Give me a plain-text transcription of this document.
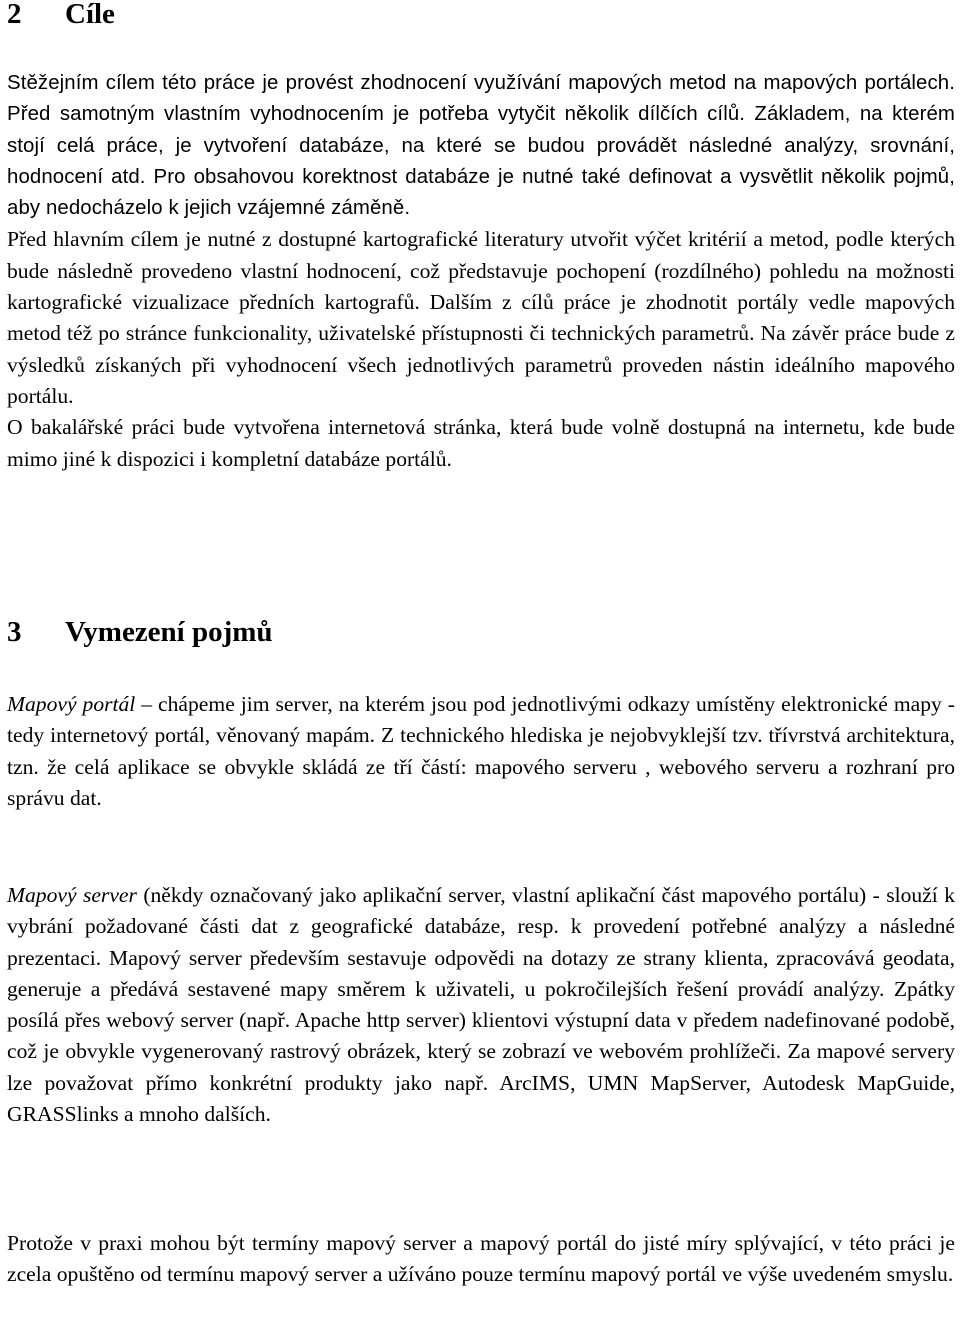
2 Cíle

Stěžejním cílem této práce je provést zhodnocení využívání mapových metod na mapových portálech. Před samotným vlastním vyhodnocením je potřeba vytyčit několik dílčích cílů. Základem, na kterém stojí celá práce, je vytvoření databáze, na které se budou provádět následné analýzy, srovnání, hodnocení atd. Pro obsahovou korektnost databáze je nutné také definovat a vysvětlit několik pojmů, aby nedocházelo k jejich vzájemné záměně.

Před hlavním cílem je nutné z dostupné kartografické literatury utvořit výčet kritérií a metod, podle kterých bude následně provedeno vlastní hodnocení, což představuje pochopení (rozdílného) pohledu na možnosti kartografické vizualizace předních kartografů. Dalším z cílů práce je zhodnotit portály vedle mapových metod též po stránce funkcionality, uživatelské přístupnosti či technických parametrů. Na závěr práce bude z výsledků získaných při vyhodnocení všech jednotlivých parametrů proveden nástin ideálního mapového portálu.

O bakalářské práci bude vytvořena internetová stránka, která bude volně dostupná na internetu, kde bude mimo jiné k dispozici i kompletní databáze portálů.

3 Vymezení pojmů

Mapový portál – chápeme jim server, na kterém jsou pod jednotlivými odkazy umístěny elektronické mapy - tedy internetový portál, věnovaný mapám. Z technického hlediska je nejobvyklejší tzv. třívrstvá architektura, tzn. že celá aplikace se obvykle skládá ze tří částí: mapového serveru , webového serveru a rozhraní pro správu dat.

Mapový server (někdy označovaný jako aplikační server, vlastní aplikační část mapového portálu) - slouží k vybrání požadované části dat z geografické databáze, resp. k provedení potřebné analýzy a následné prezentaci. Mapový server především sestavuje odpovědi na dotazy ze strany klienta, zpracovává geodata, generuje a předává sestavené mapy směrem k uživateli, u pokročilejších řešení provádí analýzy. Zpátky posílá přes webový server (např. Apache http server) klientovi výstupní data v předem nadefinované podobě, což je obvykle vygenerovaný rastrový obrázek, který se zobrazí ve webovém prohlížeči. Za mapové servery lze považovat přímo konkrétní produkty jako např. ArcIMS, UMN MapServer, Autodesk MapGuide, GRASSlinks a mnoho dalších.

Protože v praxi mohou být termíny mapový server a mapový portál do jisté míry splývající, v této práci je zcela opuštěno od termínu mapový server a užíváno pouze termínu mapový portál ve výše uvedeném smyslu.
